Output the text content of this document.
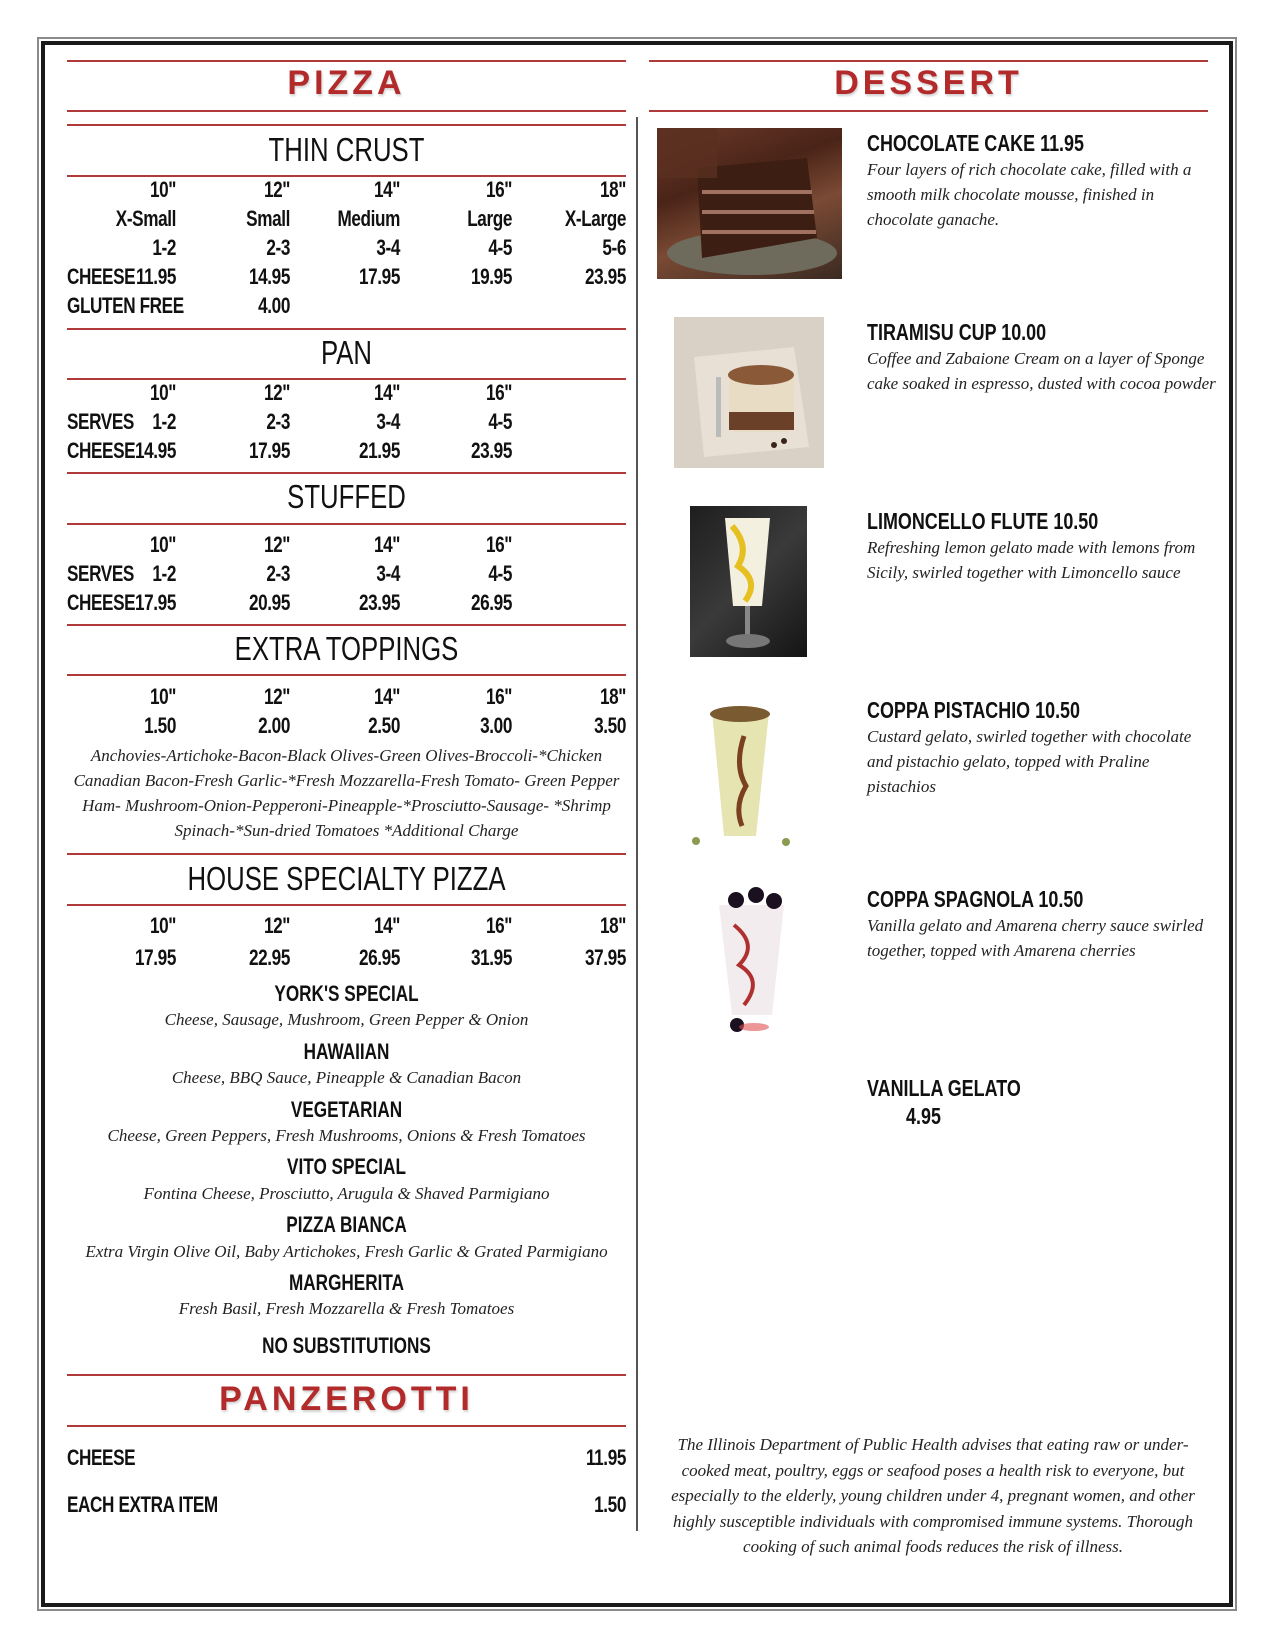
PIZZA
THIN CRUST
10"	12"	14"	16"	18"
X-Small	Small	Medium	Large	X-Large
1-2	2-3	3-4	4-5	5-6
CHEESE 11.95	14.95	17.95	19.95	23.95
GLUTEN FREE	4.00
PAN
10"	12"	14"	16"
SERVES 1-2	2-3	3-4	4-5
CHEESE 14.95	17.95	21.95	23.95
STUFFED
10"	12"	14"	16"
SERVES 1-2	2-3	3-4	4-5
CHEESE 17.95	20.95	23.95	26.95
EXTRA TOPPINGS
10"	12"	14"	16"	18"
1.50	2.00	2.50	3.00	3.50
Anchovies-Artichoke-Bacon-Black Olives-Green Olives-Broccoli-*Chicken
Canadian Bacon-Fresh Garlic-*Fresh Mozzarella-Fresh Tomato- Green Pepper
Ham- Mushroom-Onion-Pepperoni-Pineapple-*Prosciutto-Sausage- *Shrimp
Spinach-*Sun-dried Tomatoes *Additional Charge
HOUSE SPECIALTY PIZZA
10"	12"	14"	16"	18"
17.95	22.95	26.95	31.95	37.95
YORK'S SPECIAL
Cheese, Sausage, Mushroom, Green Pepper & Onion
HAWAIIAN
Cheese, BBQ Sauce, Pineapple & Canadian Bacon
VEGETARIAN
Cheese, Green Peppers, Fresh Mushrooms, Onions & Fresh Tomatoes
VITO SPECIAL
Fontina Cheese, Prosciutto, Arugula & Shaved Parmigiano
PIZZA BIANCA
Extra Virgin Olive Oil, Baby Artichokes, Fresh Garlic & Grated Parmigiano
MARGHERITA
Fresh Basil, Fresh Mozzarella & Fresh Tomatoes
NO SUBSTITUTIONS
PANZEROTTI
CHEESE	11.95
EACH EXTRA ITEM	1.50
DESSERT
CHOCOLATE CAKE 11.95
Four layers of rich chocolate cake, filled with a smooth milk chocolate mousse, finished in chocolate ganache.
TIRAMISU CUP 10.00
Coffee and Zabaione Cream on a layer of Sponge cake soaked in espresso, dusted with cocoa powder
LIMONCELLO FLUTE 10.50
Refreshing lemon gelato made with lemons from Sicily, swirled together with Limoncello sauce
COPPA PISTACHIO 10.50
Custard gelato, swirled together with chocolate and pistachio gelato, topped with Praline pistachios
COPPA SPAGNOLA 10.50
Vanilla gelato and Amarena cherry sauce swirled together, topped with Amarena cherries
VANILLA GELATO
4.95
The Illinois Department of Public Health advises that eating raw or under-cooked meat, poultry, eggs or seafood poses a health risk to everyone, but especially to the elderly, young children under 4, pregnant women, and other highly susceptible individuals with compromised immune systems. Thorough cooking of such animal foods reduces the risk of illness.
